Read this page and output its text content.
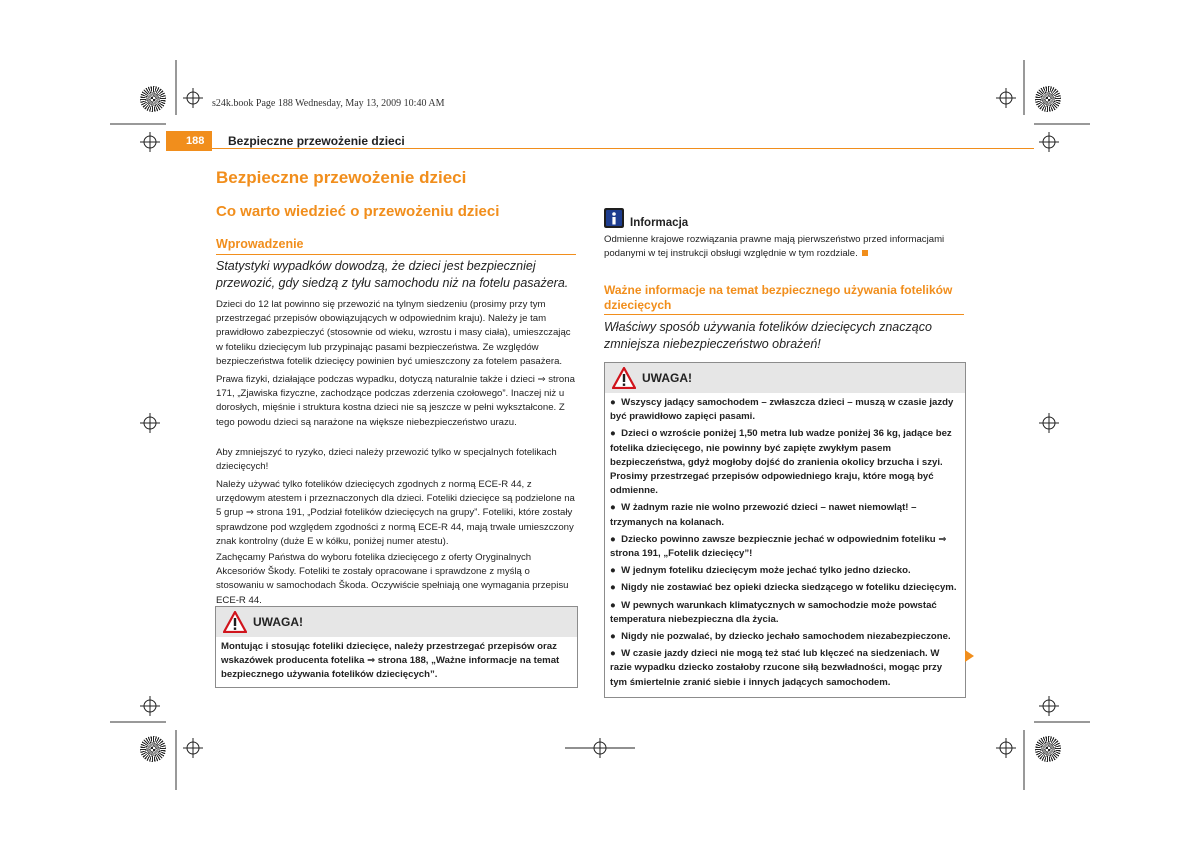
s24k.book Page 188 Wednesday, May 13, 2009 10:40 AM
188 Bezpieczne przewożenie dzieci
Bezpieczne przewożenie dzieci
Co warto wiedzieć o przewożeniu dzieci
Wprowadzenie
Statystyki wypadków dowodzą, że dzieci jest bezpieczniej przewozić, gdy siedzą z tyłu samochodu niż na fotelu pasażera.
Dzieci do 12 lat powinno się przewozić na tylnym siedzeniu (prosimy przy tym przestrzegać przepisów obowiązujących w odpowiednim kraju). Należy je tam prawidłowo zabezpieczyć (stosownie od wieku, wzrostu i masy ciała), umieszczając w foteliku dziecięcym lub przypinając pasami bezpieczeństwa. Ze względów bezpieczeństwa fotelik dziecięcy powinien być umieszczony za fotelem pasażera.
Prawa fizyki, działające podczas wypadku, dotyczą naturalnie także i dzieci ⇒ strona 171, „Zjawiska fizyczne, zachodzące podczas zderzenia czołowego”. Inaczej niż u dorosłych, mięśnie i struktura kostna dzieci nie są jeszcze w pełni wykształcone. Z tego powodu dzieci są narażone na większe niebezpieczeństwo urazu.
Aby zmniejszyć to ryzyko, dzieci należy przewozić tylko w specjalnych fotelikach dziecięcych!
Należy używać tylko fotelików dziecięcych zgodnych z normą ECE-R 44, z urzędowym atestem i przeznaczonych dla dzieci. Foteliki dziecięce są podzielone na 5 grup ⇒ strona 191, „Podział fotelików dziecięcych na grupy”. Foteliki, które zostały sprawdzone pod względem zgodności z normą ECE-R 44, mają trwale umieszczony znak kontrolny (duże E w kółku, poniżej numer atestu).
Zachęcamy Państwa do wyboru fotelika dziecięcego z oferty Oryginalnych Akcesoriów Škody. Foteliki te zostały opracowane i sprawdzone z myślą o stosowaniu w samochodach Škoda. Oczywiście spełniają one wymagania przepisu ECE-R 44.
UWAGA!
Montując i stosując foteliki dziecięce, należy przestrzegać przepisów oraz wskazówek producenta fotelika ⇒ strona 188, „Ważne informacje na temat bezpiecznego używania fotelików dziecięcych”.
Informacja
Odmienne krajowe rozwiązania prawne mają pierwszeństwo przed informacjami podanymi w tej instrukcji obsługi względnie w tym rozdziale.
Ważne informacje na temat bezpiecznego używania fotelików dziecięcych
Właściwy sposób używania fotelików dziecięcych znacząco zmniejsza niebezpieczeństwo obrażeń!
UWAGA!
●  Wszyscy jadący samochodem – zwłaszcza dzieci – muszą w czasie jazdy być prawidłowo zapięci pasami.
●  Dzieci o wzroście poniżej 1,50 metra lub wadze poniżej 36 kg, jadące bez fotelika dziecięcego, nie powinny być zapięte zwykłym pasem bezpieczeństwa, gdyż mogłoby dojść do zranienia okolicy brzucha i szyi. Prosimy przestrzegać przepisów odpowiedniego kraju, które mogą być odmienne.
●  W żadnym razie nie wolno przewozić dzieci – nawet niemowląt! – trzymanych na kolanach.
●  Dziecko powinno zawsze bezpiecznie jechać w odpowiednim foteliku ⇒ strona 191, „Fotelik dziecięcy”!
●  W jednym foteliku dziecięcym może jechać tylko jedno dziecko.
●  Nigdy nie zostawiać bez opieki dziecka siedzącego w foteliku dziecięcym.
●  W pewnych warunkach klimatycznych w samochodzie może powstać temperatura niebezpieczna dla życia.
●  Nigdy nie pozwalać, by dziecko jechało samochodem niezabezpieczone.
●  W czasie jazdy dzieci nie mogą też stać lub klęczeć na siedzeniach. W razie wypadku dziecko zostałoby rzucone siłą bezwładności, mogąc przy tym śmiertelnie zranić siebie i innych jadących samochodem.
